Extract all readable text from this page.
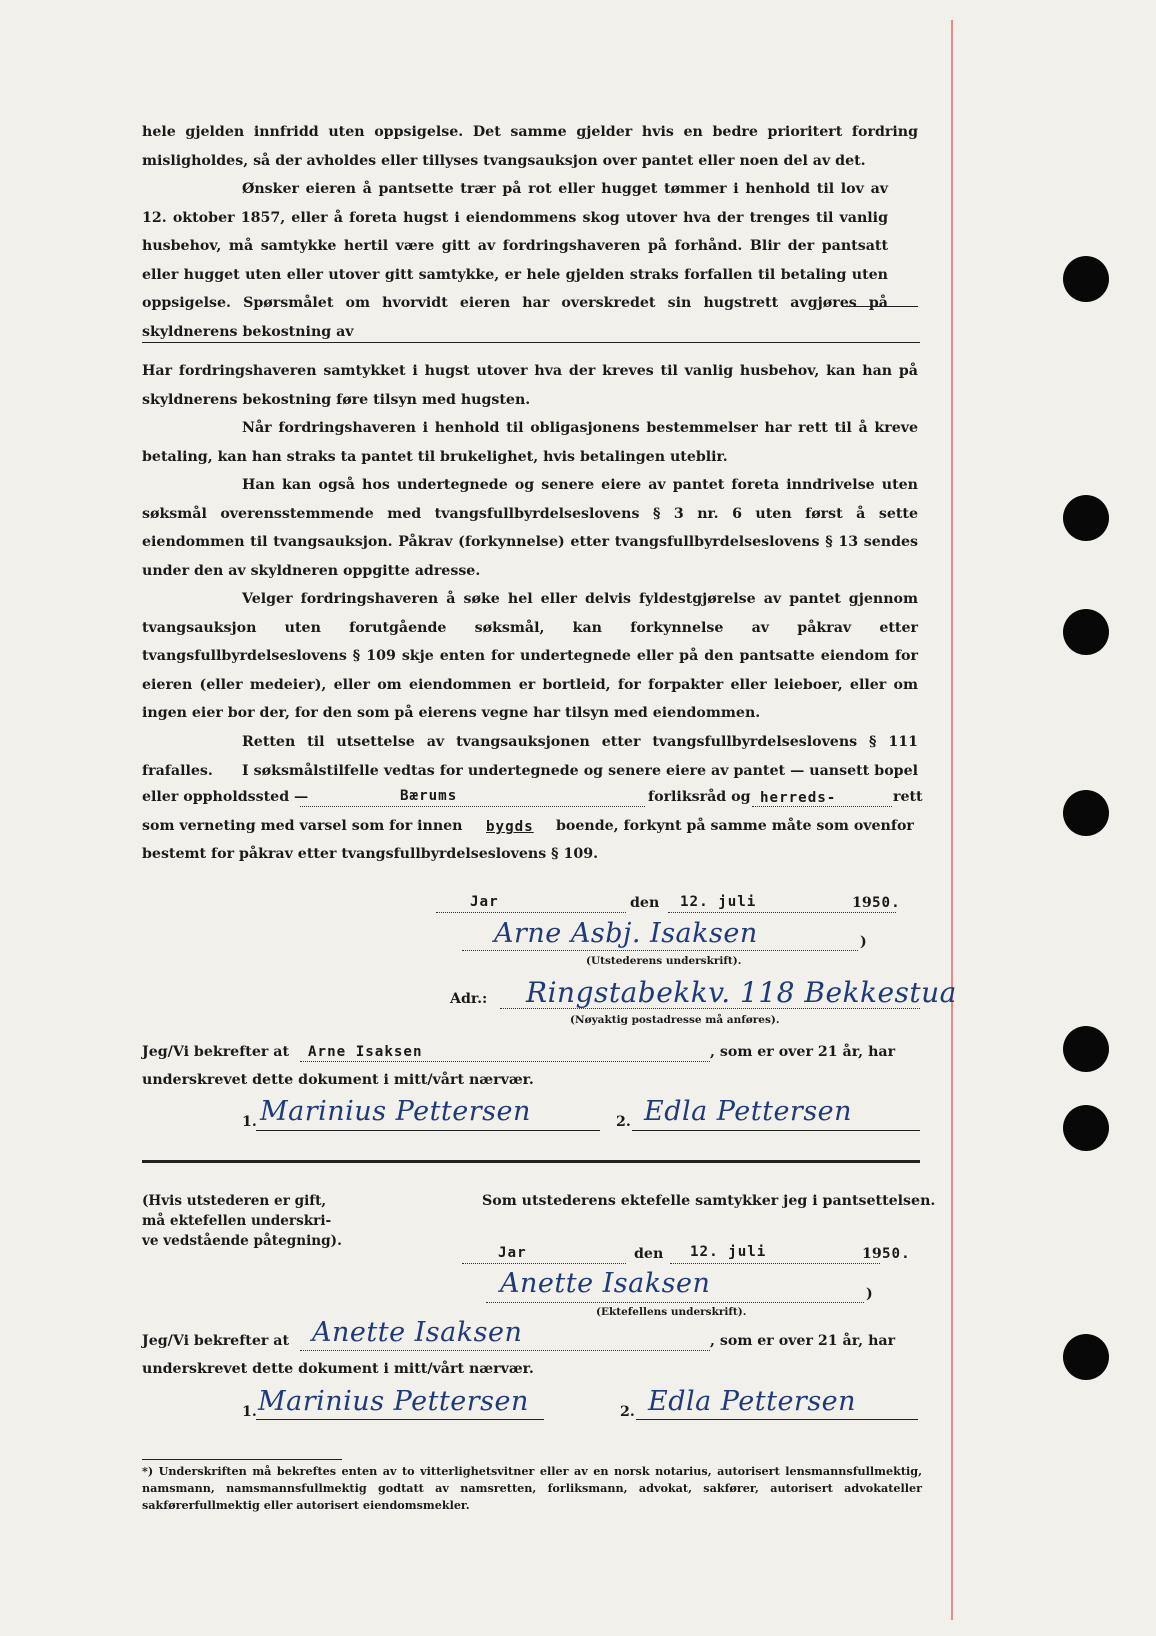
hele gjelden innfridd uten oppsigelse. Det samme gjelder hvis en bedre prioritert fordring misligholdes, så der avholdes eller tillyses tvangsauksjon over pantet eller noen del av det.

Ønsker eieren å pantsette trær på rot eller hugget tømmer i henhold til lov av 12. oktober 1857, eller å foreta hugst i eiendommens skog utover hva der trenges til vanlig husbehov, må samtykke hertil være gitt av fordringshaveren på forhånd. Blir der pantsatt eller hugget uten eller utover gitt samtykke, er hele gjelden straks forfallen til betaling uten oppsigelse. Spørsmålet om hvorvidt eieren har overskredet sin hugstrett avgjøres på skyldnerens bekostning av

Har fordringshaveren samtykket i hugst utover hva der kreves til vanlig husbehov, kan han på skyldnerens bekostning føre tilsyn med hugsten.

Når fordringshaveren i henhold til obligasjonens bestemmelser har rett til å kreve betaling, kan han straks ta pantet til brukelighet, hvis betalingen uteblir.

Han kan også hos undertegnede og senere eiere av pantet foreta inndrivelse uten søksmål overensstemmende med tvangsfullbyrdelseslovens § 3 nr. 6 uten først å sette eiendommen til tvangsauksjon. Påkrav (forkynnelse) etter tvangsfullbyrdelseslovens § 13 sendes under den av skyldneren oppgitte adresse.

Velger fordringshaveren å søke hel eller delvis fyldestgjørelse av pantet gjennom tvangsauksjon uten forutgående søksmål, kan forkynnelse av påkrav etter tvangsfullbyrdelseslovens § 109 skje enten for undertegnede eller på den pantsatte eiendom for eieren (eller medeier), eller om eiendommen er bortleid, for forpakter eller leieboer, eller om ingen eier bor der, for den som på eierens vegne har tilsyn med eiendommen.

Retten til utsettelse av tvangsauksjonen etter tvangsfullbyrdelseslovens § 111 frafalles.	I søksmålstilfelle vedtas for undertegnede og senere eiere av pantet — uansett bopel

eller oppholdssted —	Bærums	forliksråd og herreds-	rett
som verneting med varsel som for innen bygds boende, forkynt på samme måte som ovenfor
bestemt for påkrav etter tvangsfullbyrdelseslovens § 109.
Jar	den 12. juli	19 50.
Arne Asbj. Isaksen	)
(Utstederens underskrift).
Adr.: Ringstabekkv. 118 Bekkestua
(Nøyaktig postadresse må anføres).
Jeg/Vi bekrefter at Arne Isaksen	, som er over 21 år, har
underskrevet dette dokument i mitt/vårt nærvær.
1. Marinius Pettersen	2. Edla Pettersen
(Hvis utstederen er gift,
må ektefellen underskri-
ve vedstående påtegning).
Som utstederens ektefelle samtykker jeg i pantsettelsen.
Jar	den 12. juli	19 50.
Anette Isaksen	)
(Ektefellens underskrift).
Jeg/Vi bekrefter at Anette Isaksen	, som er over 21 år, har
underskrevet dette dokument i mitt/vårt nærvær.
1. Marinius Pettersen	2. Edla Pettersen

*) Underskriften må bekreftes enten av to vitterlighetsvitner eller av en norsk notarius, autorisert lensmannsfullmektig, namsmann, namsmannsfullmektig godtatt av namsretten, forliksmann, advokat, sakfører, autorisert advokateller sakførerfullmektig eller autorisert eiendomsmekler.
